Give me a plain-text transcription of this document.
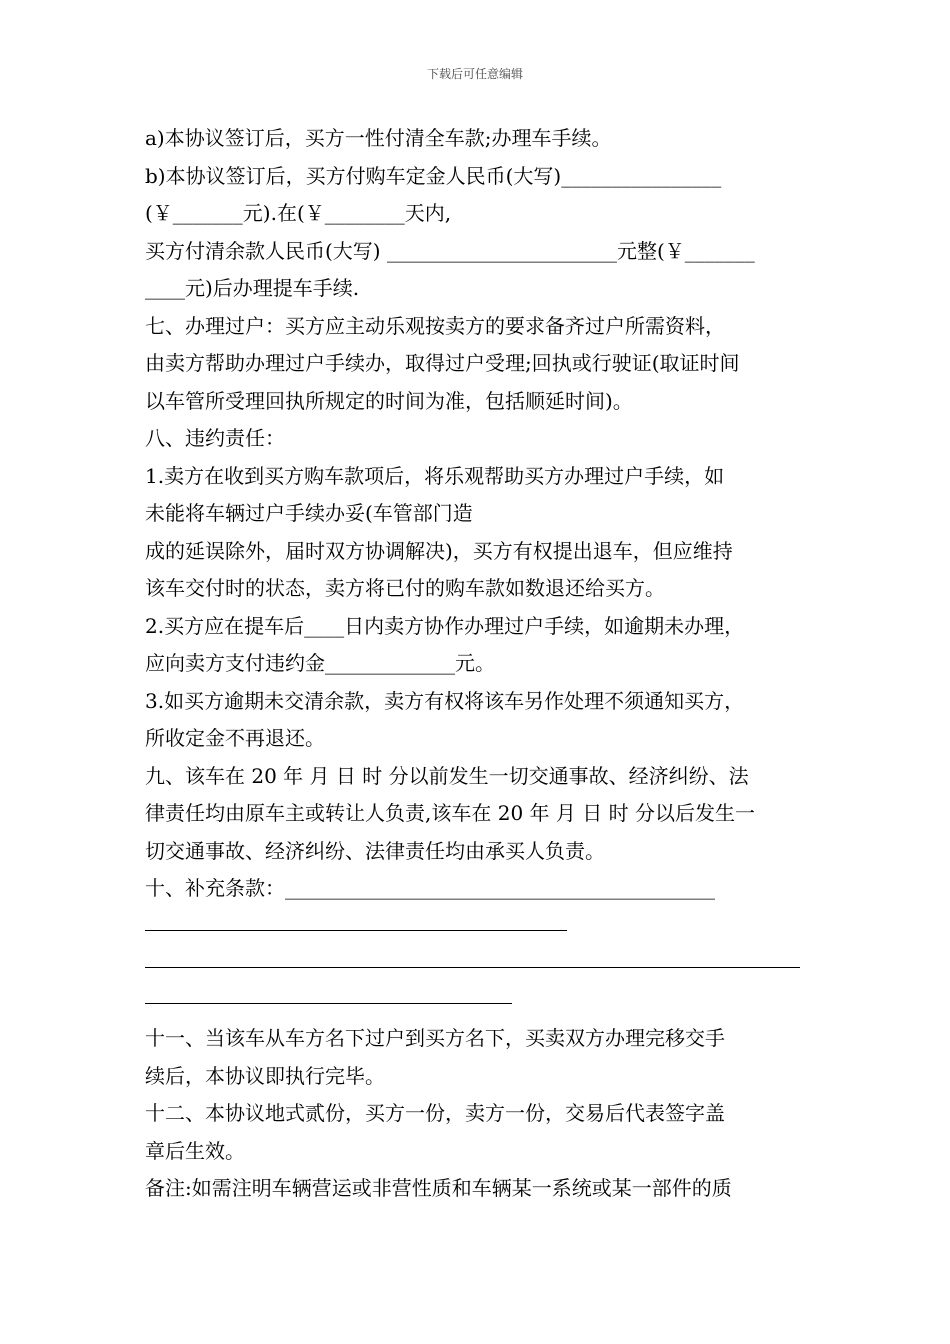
下载后可任意编辑
a)本协议签订后，买方一性付清全车款;办理车手续。
b)本协议签订后，买方付购车定金人民币(大写)________________
(￥_______元).在(￥________天内,
买方付清余款人民币(大写) _______________________元整(￥_______
____元)后办理提车手续.
七、办理过户：买方应主动乐观按卖方的要求备齐过户所需资料，
由卖方帮助办理过户手续办，取得过户受理;回执或行驶证(取证时间
以车管所受理回执所规定的时间为准，包括顺延时间)。
八、违约责任：
1.卖方在收到买方购车款项后，将乐观帮助买方办理过户手续，如
未能将车辆过户手续办妥(车管部门造
成的延误除外，届时双方协调解决)，买方有权提出退车，但应维持
该车交付时的状态，卖方将已付的购车款如数退还给买方。
2.买方应在提车后____日内卖方协作办理过户手续，如逾期未办理，
应向卖方支付违约金_____________元。
3.如买方逾期未交清余款，卖方有权将该车另作处理不须通知买方，
所收定金不再退还。
九、该车在 20 年 月 日 时 分以前发生一切交通事故、经济纠纷、法
律责任均由原车主或转让人负责,该车在 20 年 月 日 时 分以后发生一
切交通事故、经济纠纷、法律责任均由承买人负责。
十、补充条款：___________________________________________
十一、当该车从车方名下过户到买方名下，买卖双方办理完移交手
续后，本协议即执行完毕。
十二、本协议地式贰份，买方一份，卖方一份，交易后代表签字盖
章后生效。
备注:如需注明车辆营运或非营性质和车辆某一系统或某一部件的质
